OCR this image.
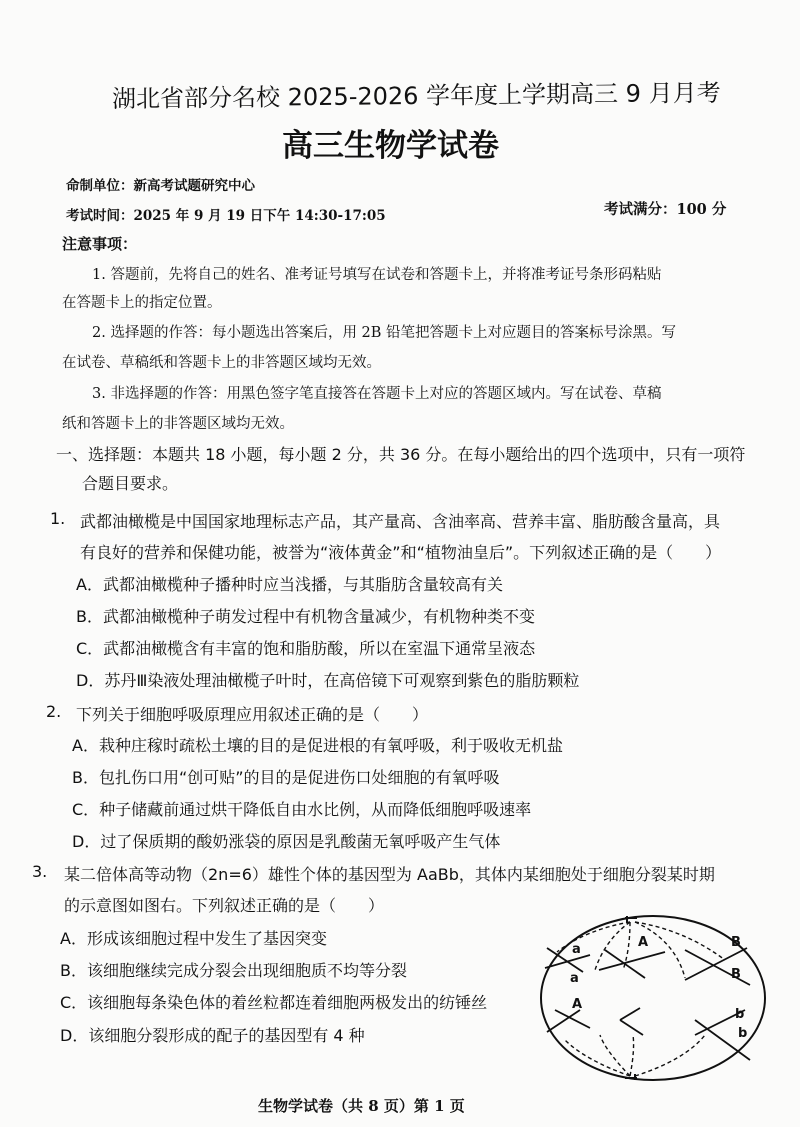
湖北省部分名校 2025-2026 学年度上学期高三 9 月月考
高三生物学试卷
命制单位：新高考试题研究中心
考试时间：2025 年 9 月 19 日下午 14:30-17:05	考试满分：100 分
注意事项：
1. 答题前，先将自己的姓名、准考证号填写在试卷和答题卡上，并将准考证号条形码粘贴
在答题卡上的指定位置。
2. 选择题的作答：每小题选出答案后，用 2B 铅笔把答题卡上对应题目的答案标号涂黑。写
在试卷、草稿纸和答题卡上的非答题区域均无效。
3. 非选择题的作答：用黑色签字笔直接答在答题卡上对应的答题区域内。写在试卷、草稿
纸和答题卡上的非答题区域均无效。
一、选择题：本题共 18 小题，每小题 2 分，共 36 分。在每小题给出的四个选项中，只有一项符
合题目要求。
1. 武都油橄榄是中国国家地理标志产品，其产量高、含油率高、营养丰富、脂肪酸含量高，具
有良好的营养和保健功能，被誉为“液体黄金”和“植物油皇后”。下列叙述正确的是（　　）
A．武都油橄榄种子播种时应当浅播，与其脂肪含量较高有关
B．武都油橄榄种子萌发过程中有机物含量减少，有机物种类不变
C．武都油橄榄含有丰富的饱和脂肪酸，所以在室温下通常呈液态
D．苏丹Ⅲ染液处理油橄榄子叶时，在高倍镜下可观察到紫色的脂肪颗粒
2. 下列关于细胞呼吸原理应用叙述正确的是（　　）
A．栽种庄稼时疏松土壤的目的是促进根的有氧呼吸，利于吸收无机盐
B．包扎伤口用“创可贴”的目的是促进伤口处细胞的有氧呼吸
C．种子储藏前通过烘干降低自由水比例，从而降低细胞呼吸速率
D．过了保质期的酸奶涨袋的原因是乳酸菌无氧呼吸产生气体
3. 某二倍体高等动物（2n=6）雄性个体的基因型为 AaBb，其体内某细胞处于细胞分裂某时期
的示意图如图右。下列叙述正确的是（　　）
A．形成该细胞过程中发生了基因突变
B．该细胞继续完成分裂会出现细胞质不均等分裂
C．该细胞每条染色体的着丝粒都连着细胞两极发出的纺锤丝
D．该细胞分裂形成的配子的基因型有 4 种
a
a
A	B
B
A
b
b
生物学试卷（共 8 页）第 1 页
